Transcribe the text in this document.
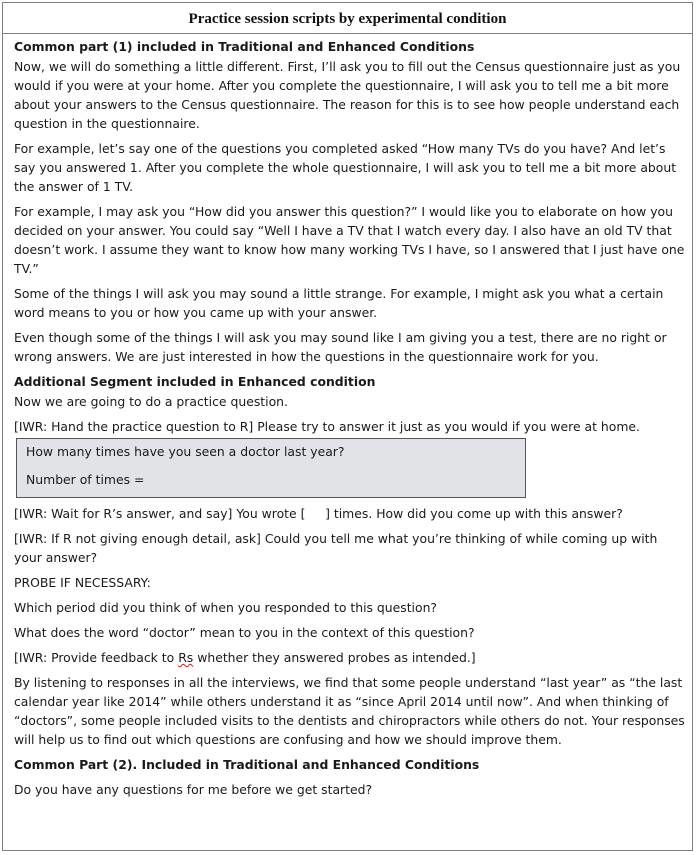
Practice session scripts by experimental condition
Common part (1) included in Traditional and Enhanced Conditions
Now, we will do something a little different. First, I’ll ask you to fill out the Census questionnaire just as you would if you were at your home. After you complete the questionnaire, I will ask you to tell me a bit more about your answers to the Census questionnaire. The reason for this is to see how people understand each question in the questionnaire.
For example, let’s say one of the questions you completed asked “How many TVs do you have? And let’s say you answered 1. After you complete the whole questionnaire, I will ask you to tell me a bit more about the answer of 1 TV.
For example, I may ask you “How did you answer this question?” I would like you to elaborate on how you decided on your answer. You could say “Well I have a TV that I watch every day. I also have an old TV that doesn’t work. I assume they want to know how many working TVs I have, so I answered that I just have one TV.”
Some of the things I will ask you may sound a little strange. For example, I might ask you what a certain word means to you or how you came up with your answer.
Even though some of the things I will ask you may sound like I am giving you a test, there are no right or wrong answers. We are just interested in how the questions in the questionnaire work for you.
Additional Segment included in Enhanced condition
Now we are going to do a practice question.
[IWR: Hand the practice question to R] Please try to answer it just as you would if you were at home.
How many times have you seen a doctor last year?
Number of times =
[IWR: Wait for R’s answer, and say] You wrote [     ] times. How did you come up with this answer?
[IWR: If R not giving enough detail, ask] Could you tell me what you’re thinking of while coming up with your answer?
PROBE IF NECESSARY:
Which period did you think of when you responded to this question?
What does the word “doctor” mean to you in the context of this question?
[IWR: Provide feedback to Rs whether they answered probes as intended.]
By listening to responses in all the interviews, we find that some people understand “last year” as “the last calendar year like 2014” while others understand it as “since April 2014 until now”. And when thinking of “doctors”, some people included visits to the dentists and chiropractors while others do not. Your responses will help us to find out which questions are confusing and how we should improve them.
Common Part (2). Included in Traditional and Enhanced Conditions
Do you have any questions for me before we get started?
